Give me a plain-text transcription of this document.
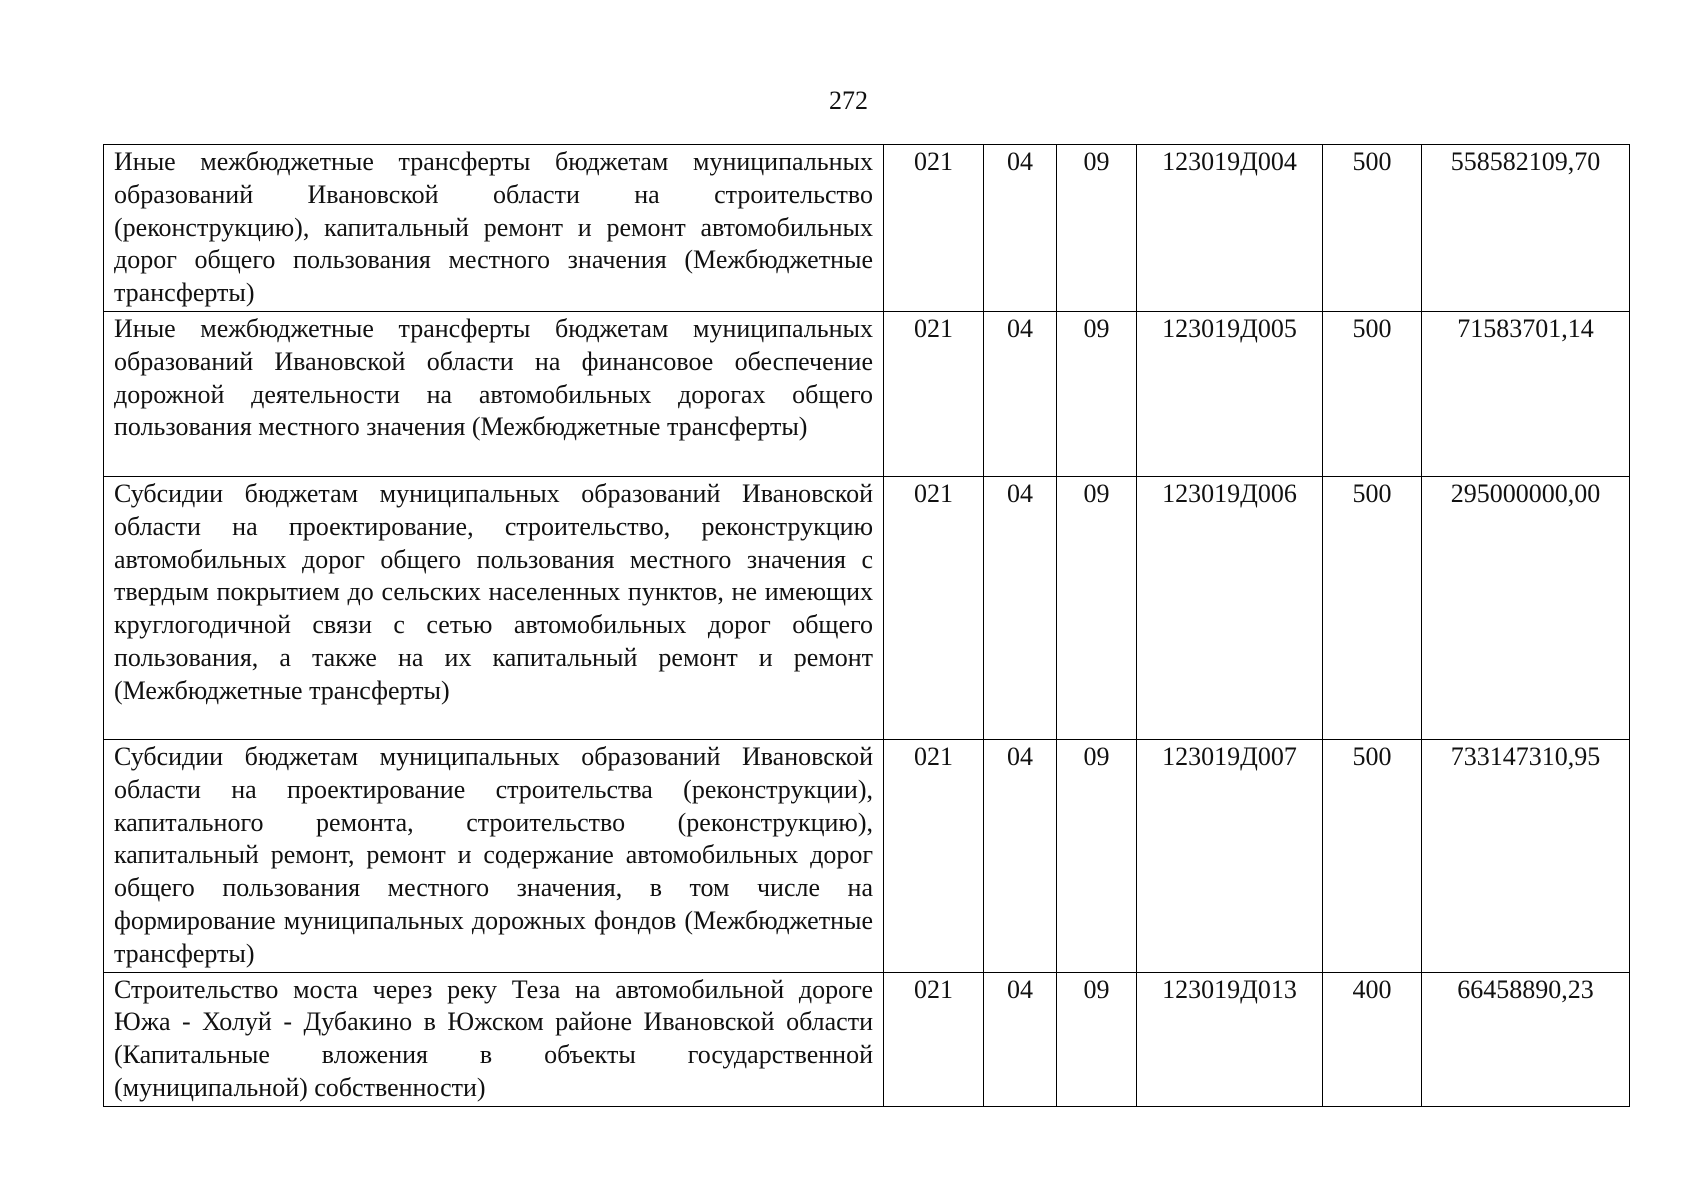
272
Иные межбюджетные трансферты бюджетам муниципальных образований Ивановской области на строительство (реконструкцию), капитальный ремонт и ремонт автомобильных дорог общего пользования местного значения (Межбюджетные трансферты)	021	04	09	123019Д004	500	558582109,70
Иные межбюджетные трансферты бюджетам муниципальных образований Ивановской области на финансовое обеспечение дорожной деятельности на автомобильных дорогах общего пользования местного значения (Межбюджетные трансферты)	021	04	09	123019Д005	500	71583701,14
Субсидии бюджетам муниципальных образований Ивановской области на проектирование, строительство, реконструкцию автомобильных дорог общего пользования местного значения с твердым покрытием до сельских населенных пунктов, не имеющих круглогодичной связи с сетью автомобильных дорог общего пользования, а также на их капитальный ремонт и ремонт (Межбюджетные трансферты)	021	04	09	123019Д006	500	295000000,00
Субсидии бюджетам муниципальных образований Ивановской области на проектирование строительства (реконструкции), капитального ремонта, строительство (реконструкцию), капитальный ремонт, ремонт и содержание автомобильных дорог общего пользования местного значения, в том числе на формирование муниципальных дорожных фондов (Межбюджетные трансферты)	021	04	09	123019Д007	500	733147310,95
Строительство моста через реку Теза на автомобильной дороге Южа - Холуй - Дубакино в Южском районе Ивановской области (Капитальные вложения в объекты государственной (муниципальной) собственности)	021	04	09	123019Д013	400	66458890,23
